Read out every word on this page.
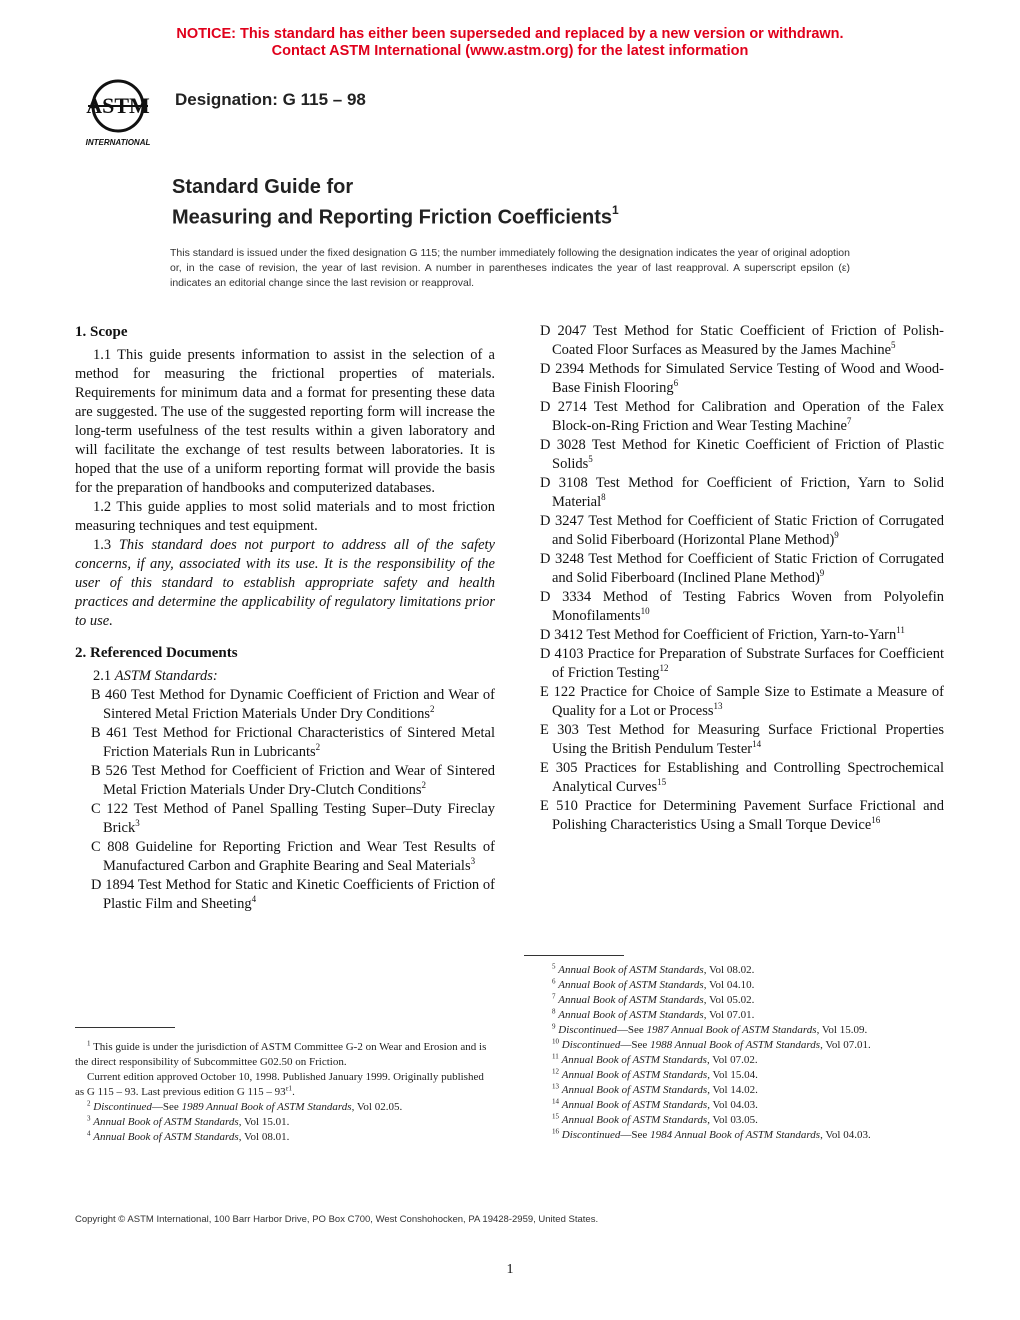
NOTICE: This standard has either been superseded and replaced by a new version or withdrawn.
Contact ASTM International (www.astm.org) for the latest information
ASTM
INTERNATIONAL
Designation: G 115 – 98
Standard Guide for
Measuring and Reporting Friction Coefficients$^1$
This standard is issued under the fixed designation G 115; the number immediately following the designation indicates the year of original adoption or, in the case of revision, the year of last revision. A number in parentheses indicates the year of last reapproval. A superscript epsilon (ε) indicates an editorial change since the last revision or reapproval.
1. Scope

1.1 This guide presents information to assist in the selection of a method for measuring the frictional properties of materials. Requirements for minimum data and a format for presenting these data are suggested. The use of the suggested reporting form will increase the long-term usefulness of the test results within a given laboratory and will facilitate the exchange of test results between laboratories. It is hoped that the use of a uniform reporting format will provide the basis for the preparation of handbooks and computerized databases.

1.2 This guide applies to most solid materials and to most friction measuring techniques and test equipment.

1.3 This standard does not purport to address all of the safety concerns, if any, associated with its use. It is the responsibility of the user of this standard to establish appropriate safety and health practices and determine the applicability of regulatory limitations prior to use.

2. Referenced Documents

2.1 ASTM Standards:

B 460 Test Method for Dynamic Coefficient of Friction and Wear of Sintered Metal Friction Materials Under Dry Conditions$^2$

B 461 Test Method for Frictional Characteristics of Sintered Metal Friction Materials Run in Lubricants$^2$

B 526 Test Method for Coefficient of Friction and Wear of Sintered Metal Friction Materials Under Dry-Clutch Conditions$^2$

C 122 Test Method of Panel Spalling Testing Super–Duty Fireclay Brick$^3$

C 808 Guideline for Reporting Friction and Wear Test Results of Manufactured Carbon and Graphite Bearing and Seal Materials$^3$

D 1894 Test Method for Static and Kinetic Coefficients of Friction of Plastic Film and Sheeting$^4$

D 2047 Test Method for Static Coefficient of Friction of Polish-Coated Floor Surfaces as Measured by the James Machine$^5$

D 2394 Methods for Simulated Service Testing of Wood and Wood-Base Finish Flooring$^6$

D 2714 Test Method for Calibration and Operation of the Falex Block-on-Ring Friction and Wear Testing Machine$^7$

D 3028 Test Method for Kinetic Coefficient of Friction of Plastic Solids$^5$

D 3108 Test Method for Coefficient of Friction, Yarn to Solid Material$^8$

D 3247 Test Method for Coefficient of Static Friction of Corrugated and Solid Fiberboard (Horizontal Plane Method)$^9$

D 3248 Test Method for Coefficient of Static Friction of Corrugated and Solid Fiberboard (Inclined Plane Method)$^9$

D 3334 Method of Testing Fabrics Woven from Polyolefin Monofilaments$^{10}$

D 3412 Test Method for Coefficient of Friction, Yarn-to-Yarn$^{11}$

D 4103 Practice for Preparation of Substrate Surfaces for Coefficient of Friction Testing$^{12}$

E 122 Practice for Choice of Sample Size to Estimate a Measure of Quality for a Lot or Process$^{13}$

E 303 Test Method for Measuring Surface Frictional Properties Using the British Pendulum Tester$^{14}$

E 305 Practices for Establishing and Controlling Spectrochemical Analytical Curves$^{15}$

E 510 Practice for Determining Pavement Surface Frictional and Polishing Characteristics Using a Small Torque Device$^{16}$

$^1$ This guide is under the jurisdiction of ASTM Committee G-2 on Wear and Erosion and is the direct responsibility of Subcommittee G02.50 on Friction.

Current edition approved October 10, 1998. Published January 1999. Originally published as G 115 – 93. Last previous edition G $115 - 93^{\varepsilon 1}$.

$^2$ Discontinued—See 1989 Annual Book of ASTM Standards, Vol 02.05.

$^3$ Annual Book of ASTM Standards, Vol 15.01.

$^4$ Annual Book of ASTM Standards, Vol 08.01.

$^5$ Annual Book of ASTM Standards, Vol 08.02.

$^6$ Annual Book of ASTM Standards, Vol 04.10.

$^7$ Annual Book of ASTM Standards, Vol 05.02.

$^8$ Annual Book of ASTM Standards, Vol 07.01.

$^9$ Discontinued—See 1987 Annual Book of ASTM Standards, Vol 15.09.

$^{10}$ Discontinued—See 1988 Annual Book of ASTM Standards, Vol 07.01.

$^{11}$ Annual Book of ASTM Standards, Vol 07.02.

$^{12}$ Annual Book of ASTM Standards, Vol 15.04.

$^{13}$ Annual Book of ASTM Standards, Vol 14.02.

$^{14}$ Annual Book of ASTM Standards, Vol 04.03.

$^{15}$ Annual Book of ASTM Standards, Vol 03.05.

$^{16}$ Discontinued—See 1984 Annual Book of ASTM Standards, Vol 04.03.

Copyright © ASTM International, 100 Barr Harbor Drive, PO Box C700, West Conshohocken, PA 19428-2959, United States.
1
